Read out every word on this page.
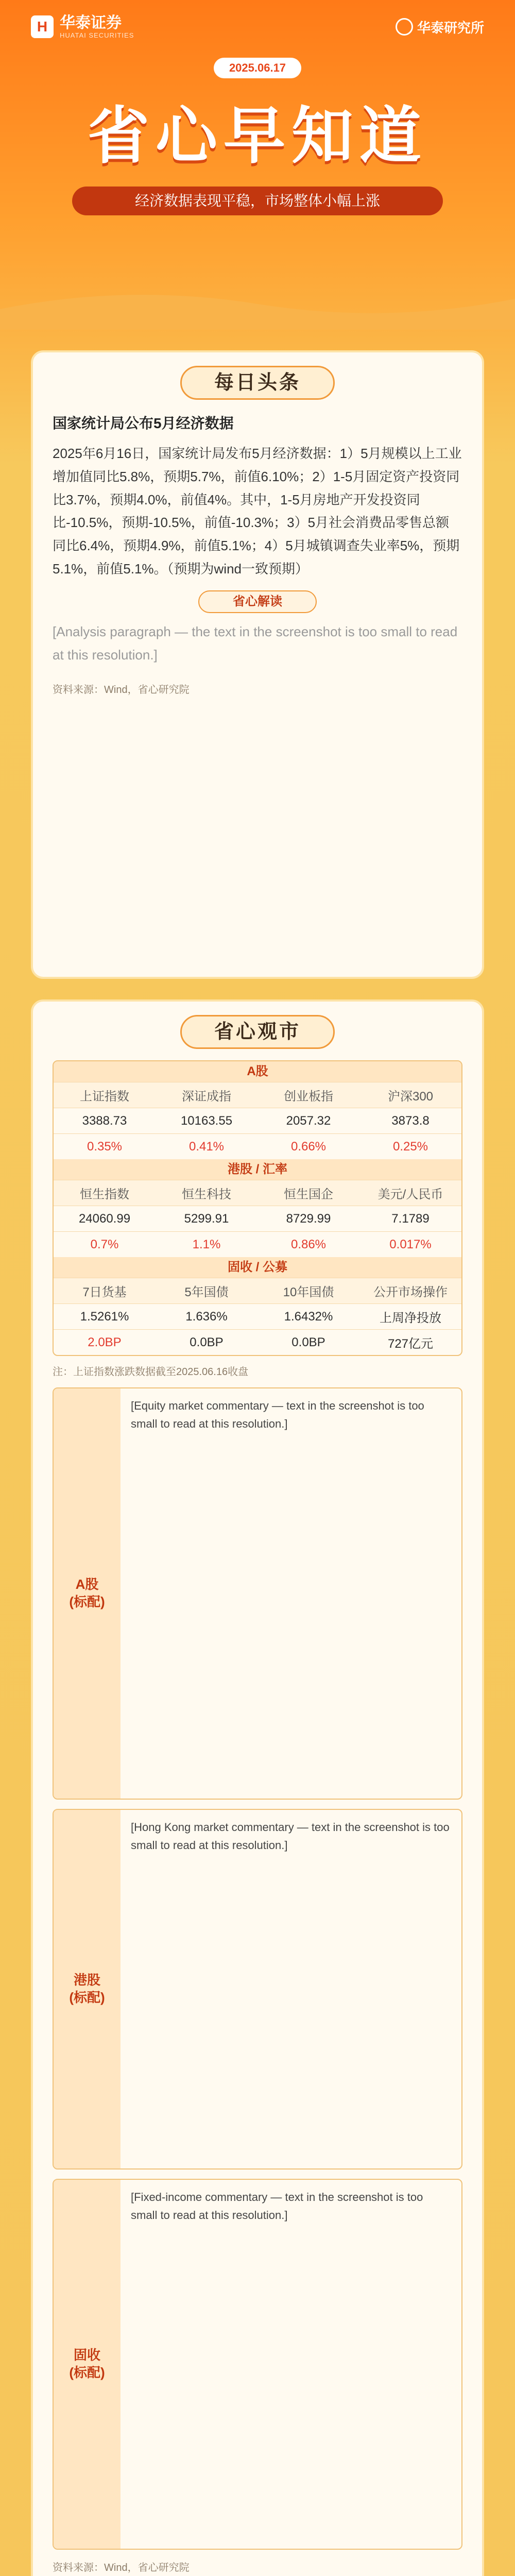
H 华泰证券
HUATAI SECURITIES	华泰研究所
2025.06.17
省心早知道
经济数据表现平稳，市场整体小幅上涨
每日头条
国家统计局公布5月经济数据
2025年6月16日，国家统计局发布5月经济数据：1）5月规模以上工业增加值同比5.8%，预期5.7%，前值6.10%；2）1-5月固定资产投资同比3.7%，预期4.0%，前值4%。其中，1-5月房地产开发投资同比-10.5%，预期-10.5%，前值-10.3%；3）5月社会消费品零售总额同比6.4%，预期4.9%，前值5.1%；4）5月城镇调查失业率5%，预期5.1%，前值5.1%。（预期为wind一致预期）
省心解读
[Analysis paragraph — the text in the screenshot is too small to read at this resolution.]
资料来源：Wind，省心研究院
省心观市
A股
上证指数	深证成指	创业板指	沪深300
3388.73	10163.55	2057.32	3873.8
0.35%	0.41%	0.66%	0.25%
港股 / 汇率
恒生指数	恒生科技	恒生国企	美元/人民币
24060.99	5299.91	8729.99	7.1789
0.7%	1.1%	0.86%	0.017%
固收 / 公募
7日货基	5年国债	10年国债	公开市场操作
1.5261%	1.636%	1.6432%	上周净投放
2.0BP	0.0BP	0.0BP	727亿元
注：上证指数涨跌数据截至2025.06.16收盘
A股
(标配)
[Equity market commentary — text in the screenshot is too small to read at this resolution.]
港股
(标配)
[Hong Kong market commentary — text in the screenshot is too small to read at this resolution.]
固收
(标配)
[Fixed-income commentary — text in the screenshot is too small to read at this resolution.]
资料来源：Wind，省心研究院
